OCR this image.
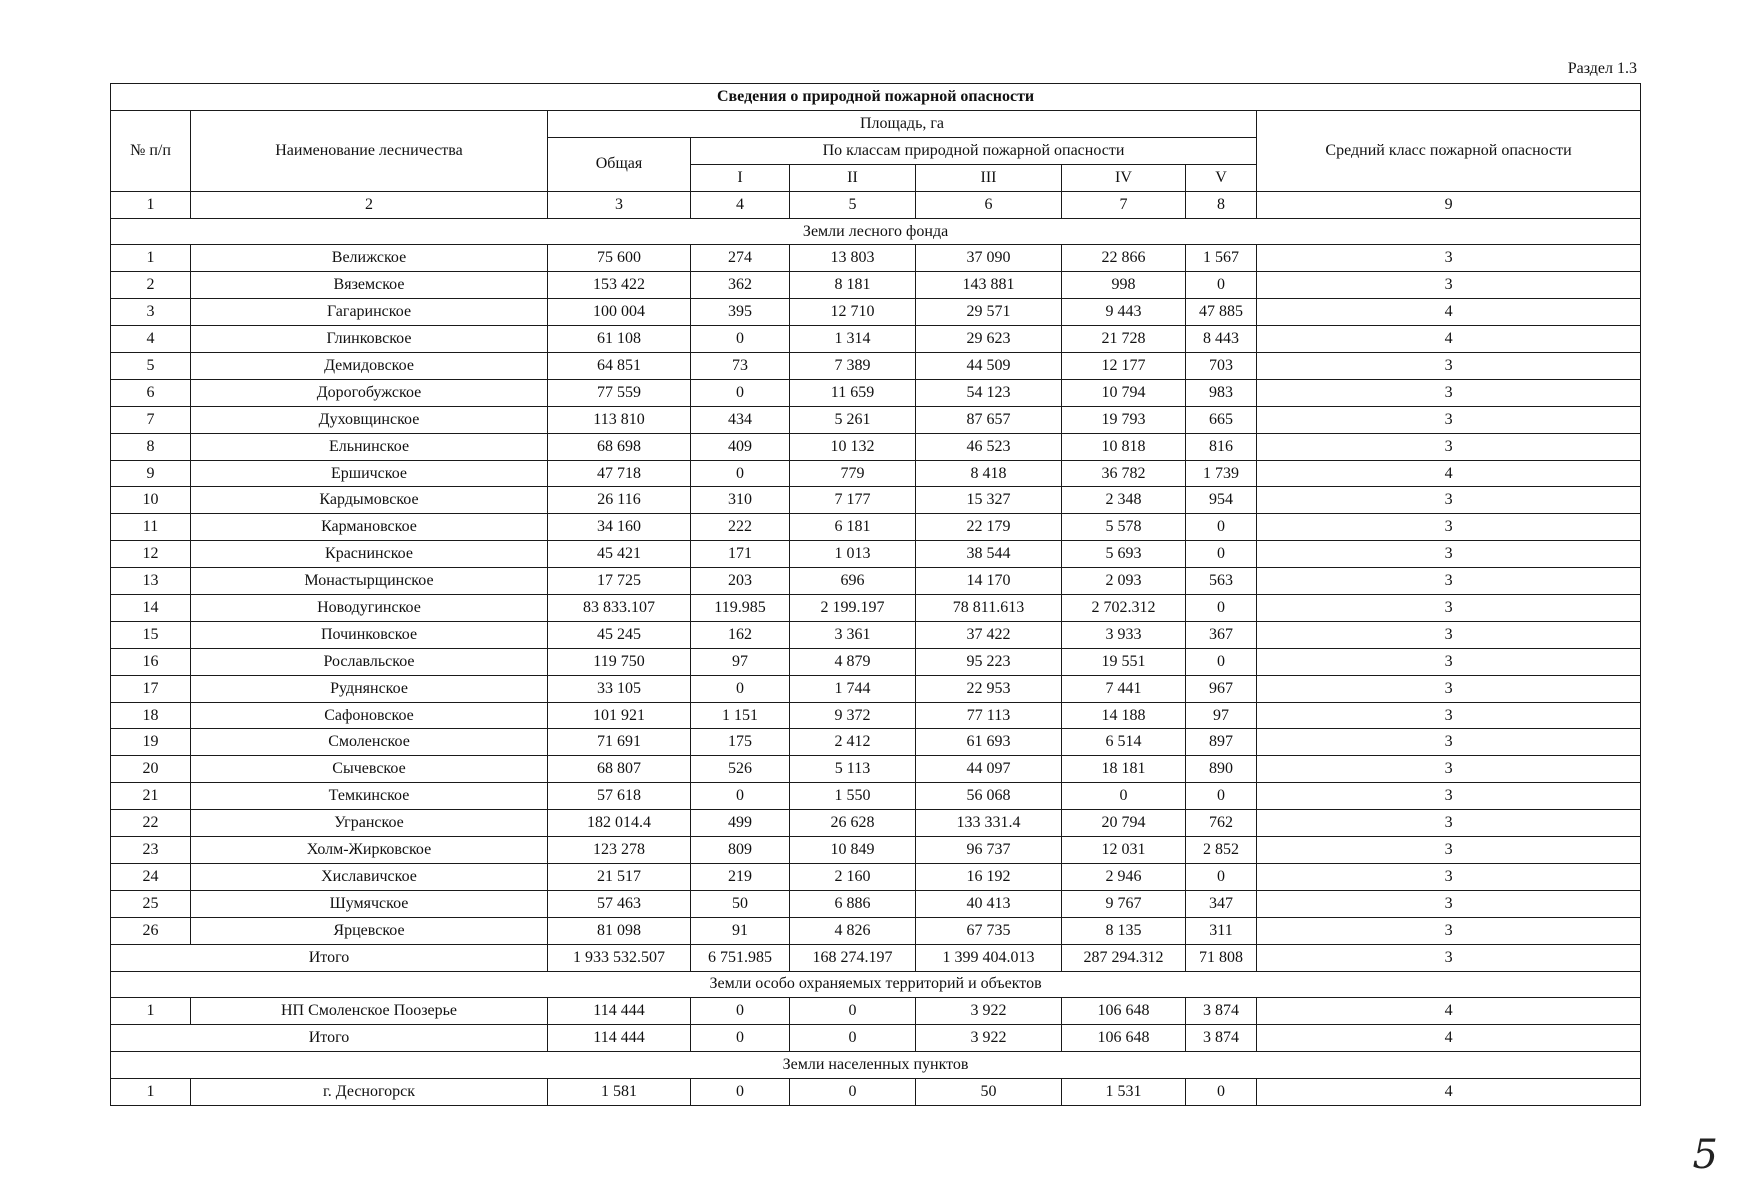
Раздел 1.3
Сведения о природной пожарной опасности								
№ п/п	Наименование лесничества	Площадь, га						Средний класс пожарной опасности
		Общая	По классам природной пожарной опасности					
			I	II	III	IV	V	
1	2	3	4	5	6	7	8	9
Земли лесного фонда								
1	Велижское	75 600	274	13 803	37 090	22 866	1 567	3
2	Вяземское	153 422	362	8 181	143 881	998	0	3
3	Гагаринское	100 004	395	12 710	29 571	9 443	47 885	4
4	Глинковское	61 108	0	1 314	29 623	21 728	8 443	4
5	Демидовское	64 851	73	7 389	44 509	12 177	703	3
6	Дорогобужское	77 559	0	11 659	54 123	10 794	983	3
7	Духовщинское	113 810	434	5 261	87 657	19 793	665	3
8	Ельнинское	68 698	409	10 132	46 523	10 818	816	3
9	Ершичское	47 718	0	779	8 418	36 782	1 739	4
10	Кардымовское	26 116	310	7 177	15 327	2 348	954	3
11	Кармановское	34 160	222	6 181	22 179	5 578	0	3
12	Краснинское	45 421	171	1 013	38 544	5 693	0	3
13	Монастырщинское	17 725	203	696	14 170	2 093	563	3
14	Новодугинское	83 833.107	119.985	2 199.197	78 811.613	2 702.312	0	3
15	Починковское	45 245	162	3 361	37 422	3 933	367	3
16	Рославльское	119 750	97	4 879	95 223	19 551	0	3
17	Руднянское	33 105	0	1 744	22 953	7 441	967	3
18	Сафоновское	101 921	1 151	9 372	77 113	14 188	97	3
19	Смоленское	71 691	175	2 412	61 693	6 514	897	3
20	Сычевское	68 807	526	5 113	44 097	18 181	890	3
21	Темкинское	57 618	0	1 550	56 068	0	0	3
22	Угранское	182 014.4	499	26 628	133 331.4	20 794	762	3
23	Холм-Жирковское	123 278	809	10 849	96 737	12 031	2 852	3
24	Хиславичское	21 517	219	2 160	16 192	2 946	0	3
25	Шумячское	57 463	50	6 886	40 413	9 767	347	3
26	Ярцевское	81 098	91	4 826	67 735	8 135	311	3
Итого		1 933 532.507	6 751.985	168 274.197	1 399 404.013	287 294.312	71 808	3
Земли особо охраняемых территорий и объектов								
1	НП Смоленское Поозерье	114 444	0	0	3 922	106 648	3 874	4
Итого		114 444	0	0	3 922	106 648	3 874	4
Земли населенных пунктов								
1	г. Десногорск	1 581	0	0	50	1 531	0	4
5
